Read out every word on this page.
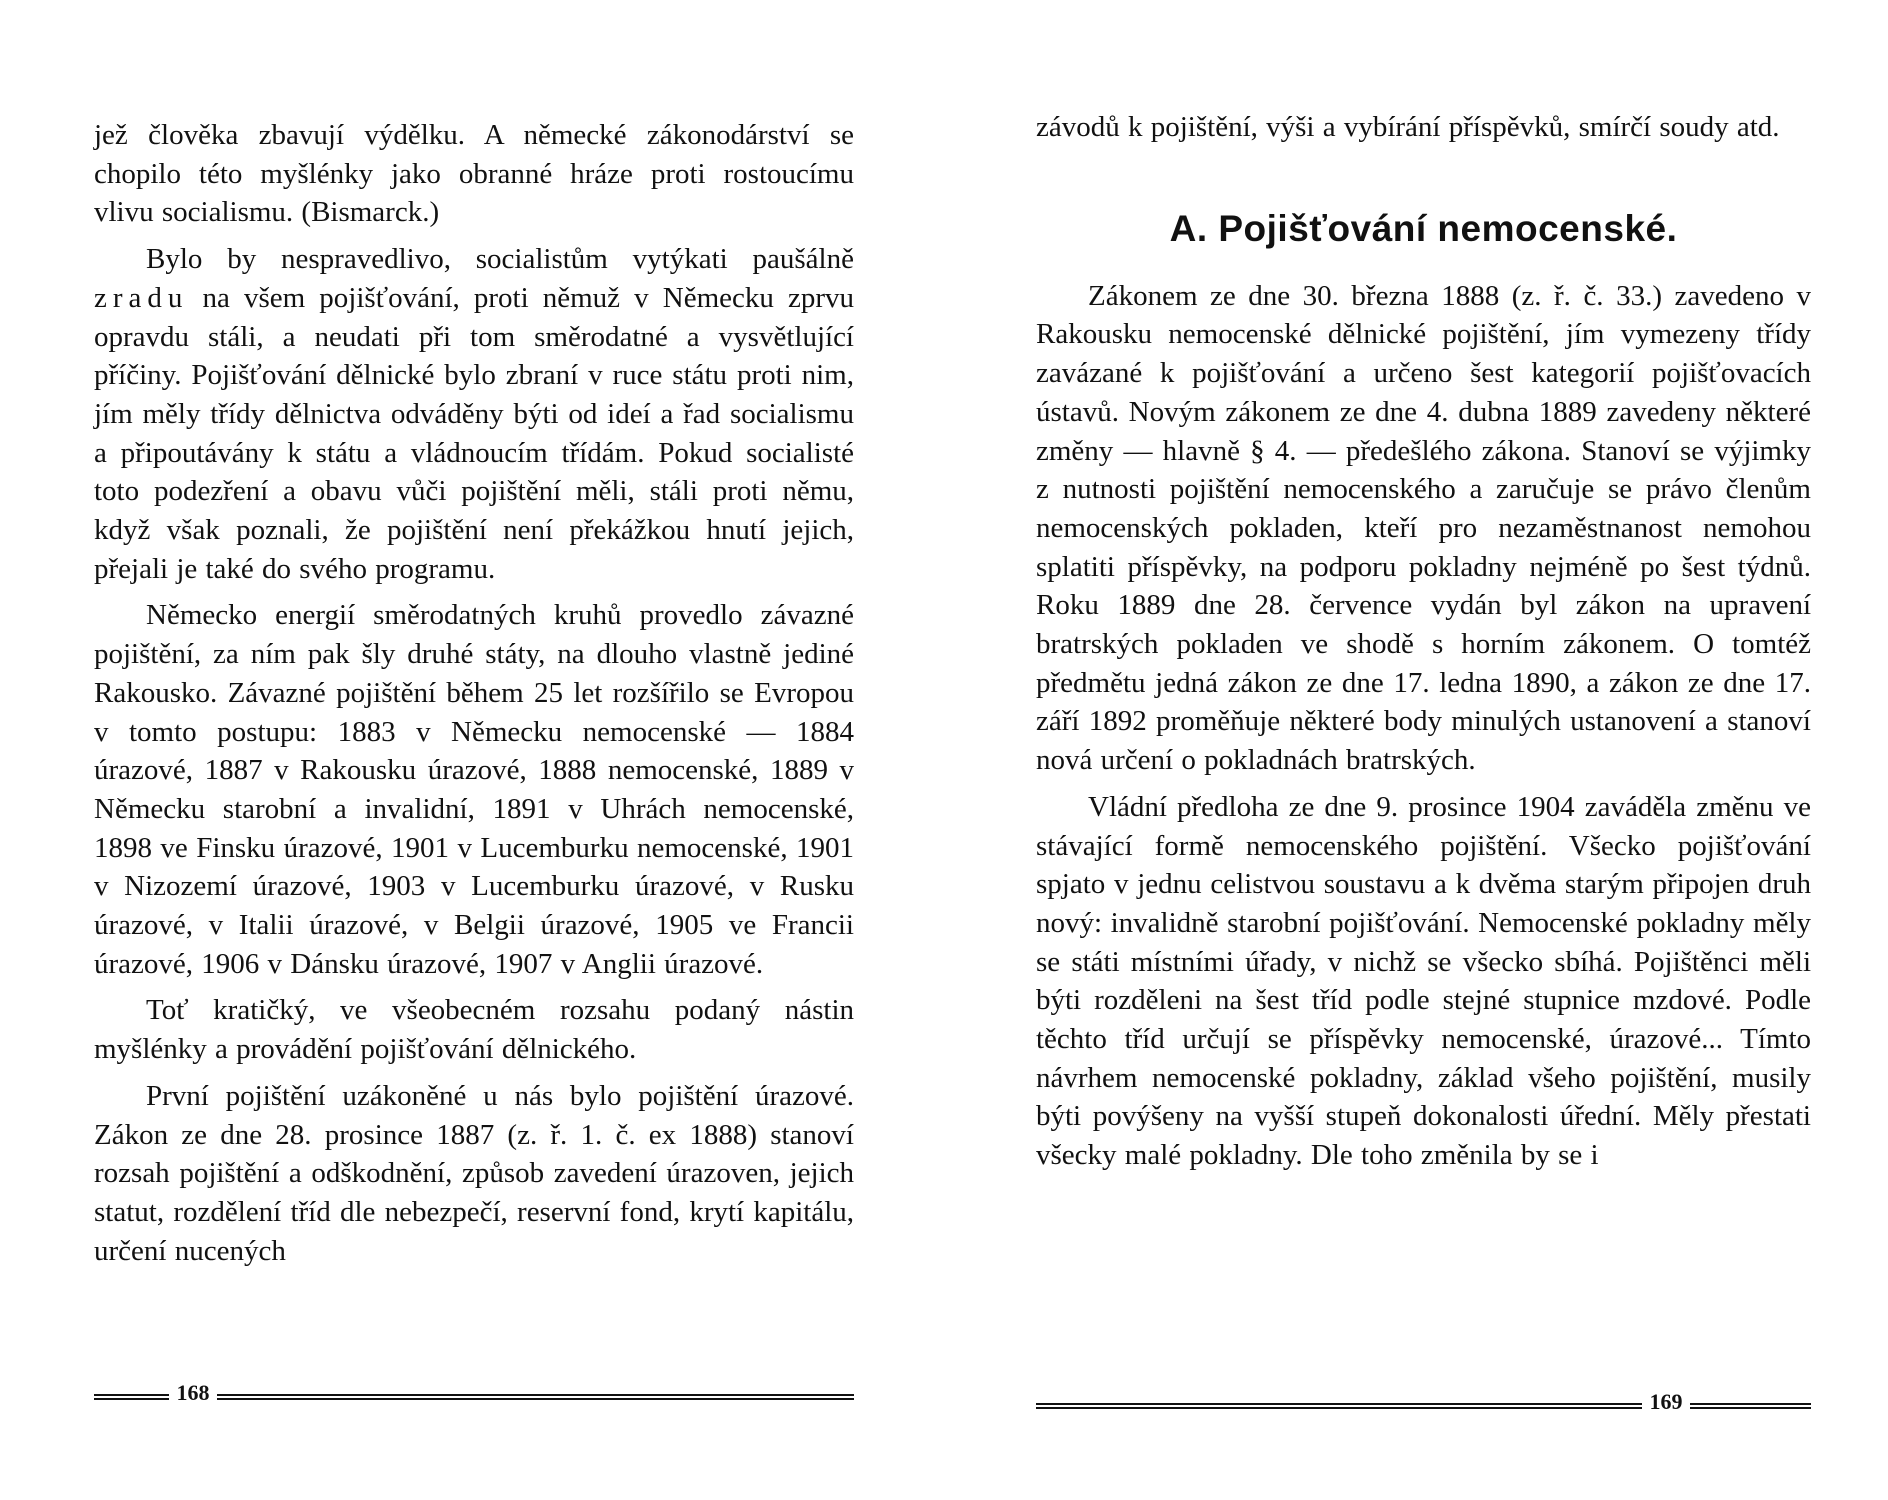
jež člověka zbavují výdělku. A německé zákonodárství se chopilo této myšlénky jako obranné hráze proti rostoucímu vlivu socialismu. (Bismarck.)

Bylo by nespravedlivo, socialistům vytýkati paušálně zradu na všem pojišťování, proti němuž v Německu zprvu opravdu stáli, a neudati při tom směrodatné a vysvětlující příčiny. Pojišťování dělnické bylo zbraní v ruce státu proti nim, jím měly třídy dělnictva odváděny býti od ideí a řad socialismu a připoutávány k státu a vládnoucím třídám. Pokud socialisté toto podezření a obavu vůči pojištění měli, stáli proti němu, když však poznali, že pojištění není překážkou hnutí jejich, přejali je také do svého programu.

Německo energií směrodatných kruhů provedlo závazné pojištění, za ním pak šly druhé státy, na dlouho vlastně jediné Rakousko. Závazné pojištění během 25 let rozšířilo se Evropou v tomto postupu: 1883 v Německu nemocenské — 1884 úrazové, 1887 v Rakousku úrazové, 1888 nemocenské, 1889 v Německu starobní a invalidní, 1891 v Uhrách nemocenské, 1898 ve Finsku úrazové, 1901 v Lucemburku nemocenské, 1901 v Nizozemí úrazové, 1903 v Lucemburku úrazové, v Rusku úrazové, v Italii úrazové, v Belgii úrazové, 1905 ve Francii úrazové, 1906 v Dánsku úrazové, 1907 v Anglii úrazové.

Toť kratičký, ve všeobecném rozsahu podaný nástin myšlénky a provádění pojišťování dělnického.

První pojištění uzákoněné u nás bylo pojištění úrazové. Zákon ze dne 28. prosince 1887 (z. ř. 1. č. ex 1888) stanoví rozsah pojištění a odškodnění, způsob zavedení úrazoven, jejich statut, rozdělení tříd dle nebezpečí, reservní fond, krytí kapitálu, určení nucených

168

závodů k pojištění, výši a vybírání příspěvků, smírčí soudy atd.

A. Pojišťování nemocenské.

Zákonem ze dne 30. března 1888 (z. ř. č. 33.) zavedeno v Rakousku nemocenské dělnické pojištění, jím vymezeny třídy zavázané k pojišťování a určeno šest kategorií pojišťovacích ústavů. Novým zákonem ze dne 4. dubna 1889 zavedeny některé změny — hlavně § 4. — předešlého zákona. Stanoví se výjimky z nutnosti pojištění nemocenského a zaručuje se právo členům nemocenských pokladen, kteří pro nezaměstnanost nemohou splatiti příspěvky, na podporu pokladny nejméně po šest týdnů. Roku 1889 dne 28. července vydán byl zákon na upravení bratrských pokladen ve shodě s horním zákonem. O tomtéž předmětu jedná zákon ze dne 17. ledna 1890, a zákon ze dne 17. září 1892 proměňuje některé body minulých ustanovení a stanoví nová určení o pokladnách bratrských.

Vládní předloha ze dne 9. prosince 1904 zaváděla změnu ve stávající formě nemocenského pojištění. Všecko pojišťování spjato v jednu celistvou soustavu a k dvěma starým připojen druh nový: invalidně starobní pojišťování. Nemocenské pokladny měly se státi místními úřady, v nichž se všecko sbíhá. Pojištěnci měli býti rozděleni na šest tříd podle stejné stupnice mzdové. Podle těchto tříd určují se příspěvky nemocenské, úrazové... Tímto návrhem nemocenské pokladny, základ všeho pojištění, musily býti povýšeny na vyšší stupeň dokonalosti úřední. Měly přestati všecky malé pokladny. Dle toho změnila by se i

169
